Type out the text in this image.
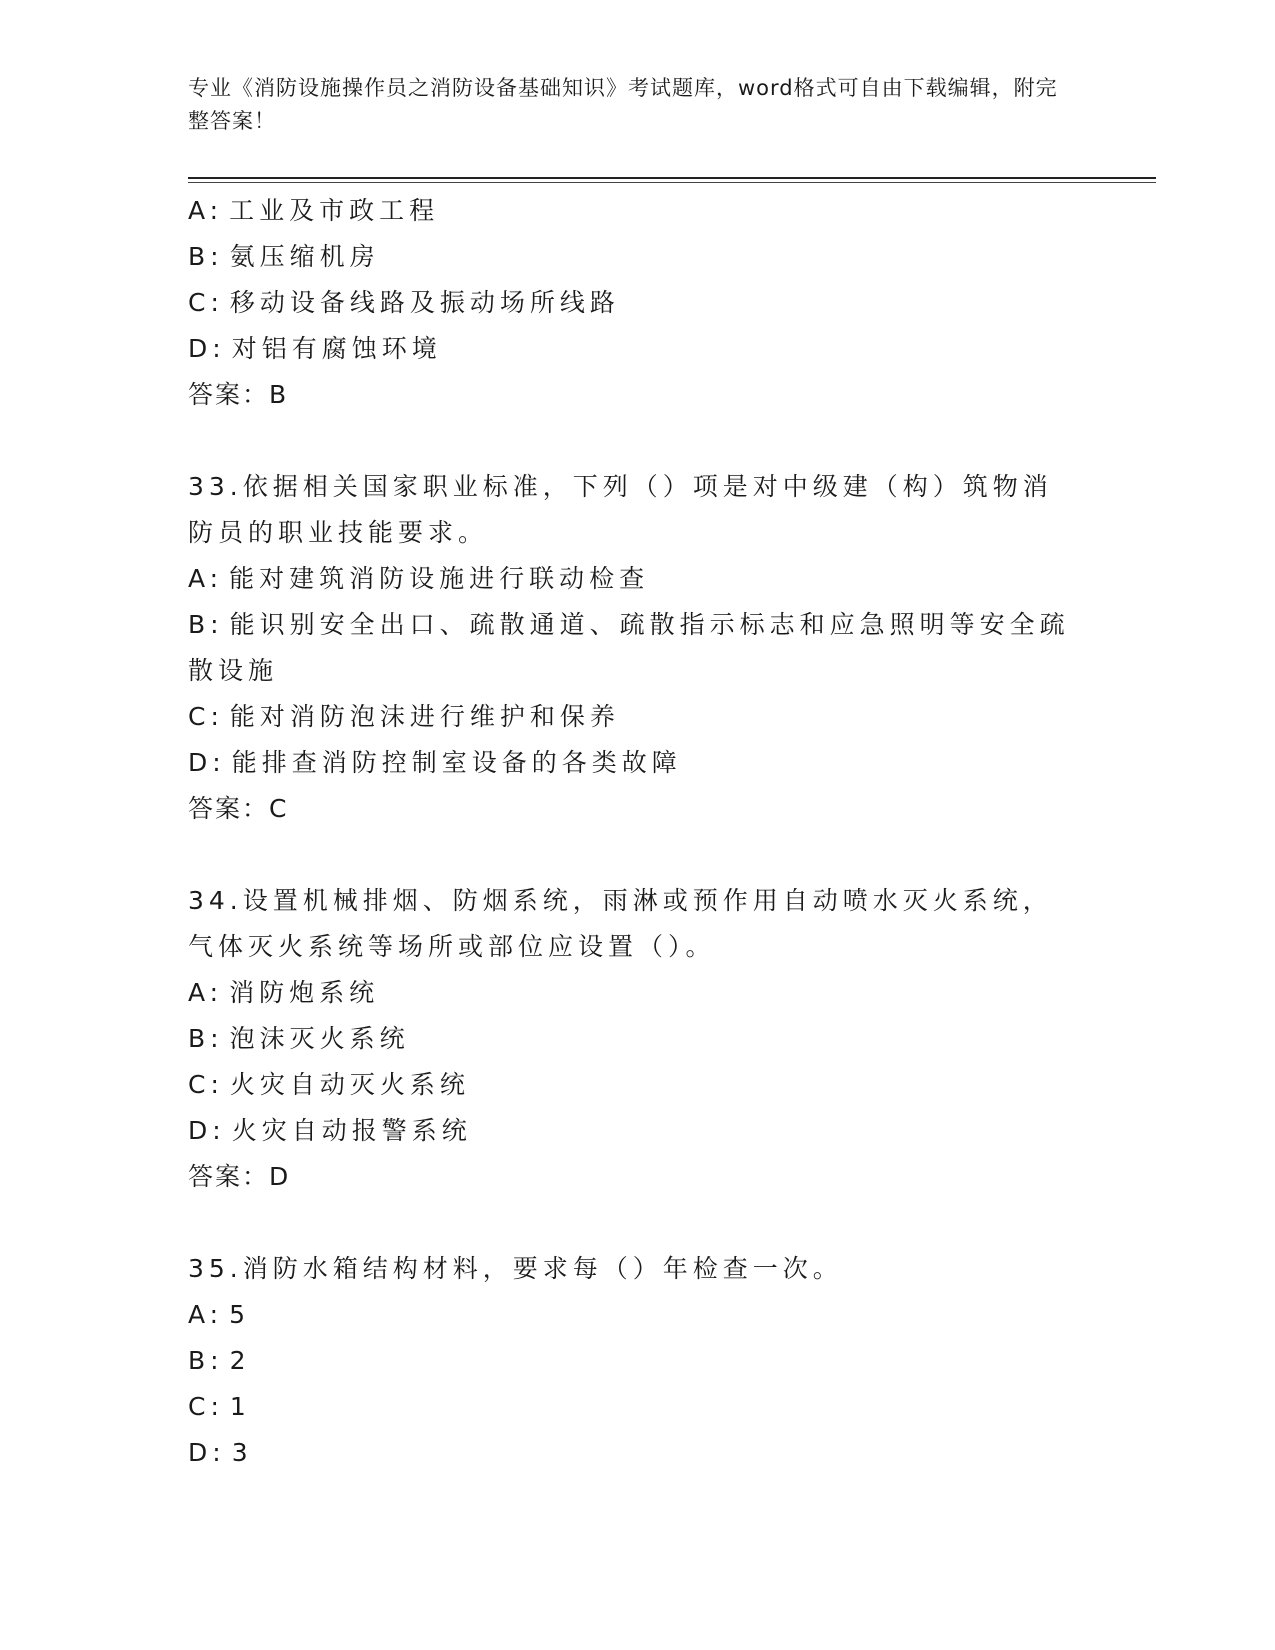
专业《消防设施操作员之消防设备基础知识》考试题库，word格式可自由下载编辑，附完整答案！

A: 工业及市政工程

B: 氨压缩机房

C: 移动设备线路及振动场所线路

D: 对铝有腐蚀环境

答案：B

33.依据相关国家职业标准，下列（）项是对中级建（构）筑物消防员的职业技能要求。

A: 能对建筑消防设施进行联动检查

B: 能识别安全出口、疏散通道、疏散指示标志和应急照明等安全疏散设施

C: 能对消防泡沫进行维护和保养

D: 能排查消防控制室设备的各类故障

答案：C

34.设置机械排烟、防烟系统，雨淋或预作用自动喷水灭火系统，气体灭火系统等场所或部位应设置（）。

A: 消防炮系统

B: 泡沫灭火系统

C: 火灾自动灭火系统

D: 火灾自动报警系统

答案：D

35.消防水箱结构材料，要求每（）年检查一次。

A: 5

B: 2

C: 1

D: 3
